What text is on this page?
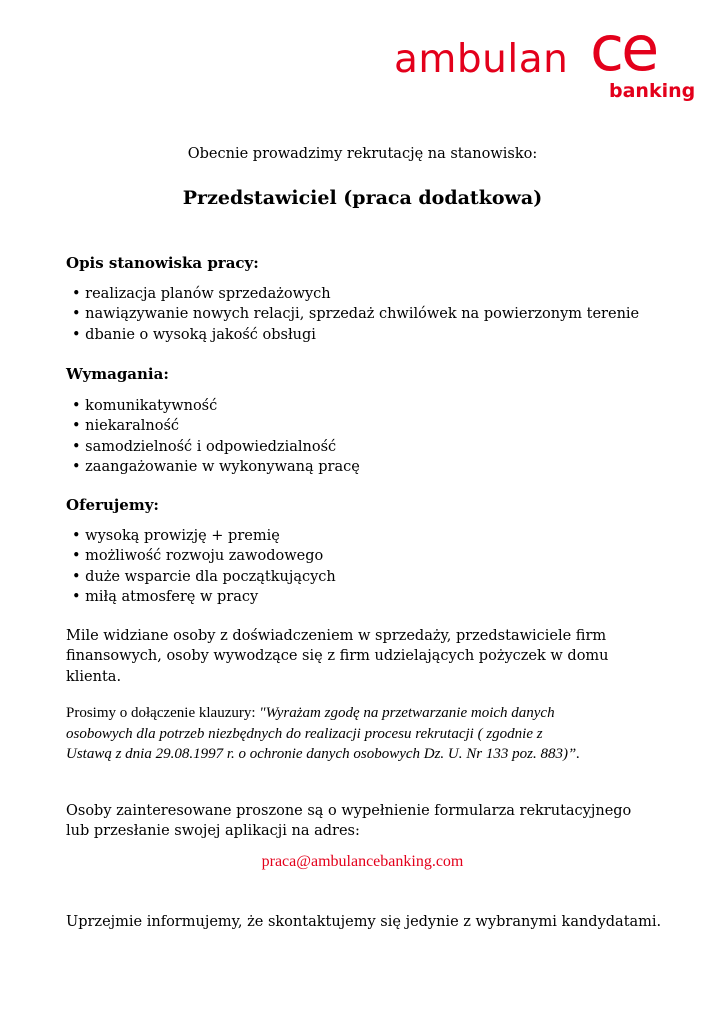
ambulan ce
banking
Obecnie prowadzimy rekrutację na stanowisko:
Przedstawiciel (praca dodatkowa)
Opis stanowiska pracy:
• realizacja planów sprzedażowych
• nawiązywanie nowych relacji, sprzedaż chwilówek na powierzonym terenie
• dbanie o wysoką jakość obsługi
Wymagania:
• komunikatywność
• niekaralność
• samodzielność i odpowiedzialność
• zaangażowanie w wykonywaną pracę
Oferujemy:
• wysoką prowizję + premię
• możliwość rozwoju zawodowego
• duże wsparcie dla początkujących
• miłą atmosferę w pracy
Mile widziane osoby z doświadczeniem w sprzedaży, przedstawiciele firm
finansowych, osoby wywodzące się z firm udzielających pożyczek w domu
klienta.
Prosimy o dołączenie klauzury: "Wyrażam zgodę na przetwarzanie moich danych
osobowych dla potrzeb niezbędnych do realizacji procesu rekrutacji ( zgodnie z
Ustawą z dnia 29.08.1997 r. o ochronie danych osobowych Dz. U. Nr 133 poz. 883)”.
Osoby zainteresowane proszone są o wypełnienie formularza rekrutacyjnego
lub przesłanie swojej aplikacji na adres:
praca@ambulancebanking.com
Uprzejmie informujemy, że skontaktujemy się jedynie z wybranymi kandydatami.
